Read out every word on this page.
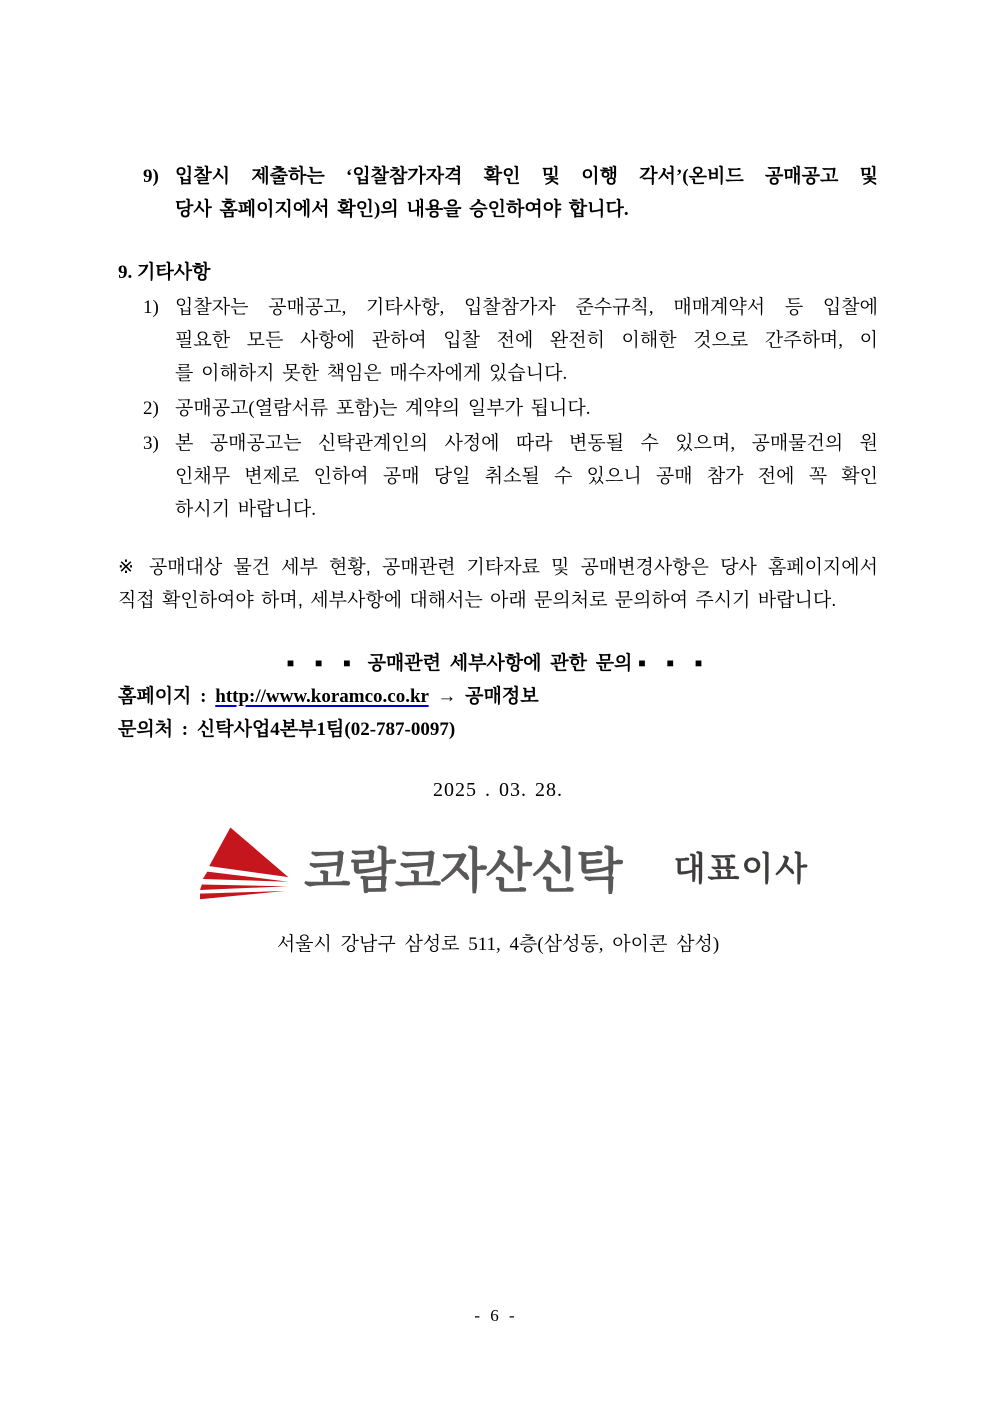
9) 입찰시 제출하는 ‘입찰참가자격 확인 및 이행 각서’(온비드 공매공고 및
당사 홈페이지에서 확인)의 내용을 승인하여야 합니다.
9. 기타사항
1) 입찰자는 공매공고, 기타사항, 입찰참가자 준수규칙, 매매계약서 등 입찰에
필요한 모든 사항에 관하여 입찰 전에 완전히 이해한 것으로 간주하며, 이
를 이해하지 못한 책임은 매수자에게 있습니다.
2) 공매공고(열람서류 포함)는 계약의 일부가 됩니다.
3) 본 공매공고는 신탁관계인의 사정에 따라 변동될 수 있으며, 공매물건의 원
인채무 변제로 인하여 공매 당일 취소될 수 있으니 공매 참가 전에 꼭 확인
하시기 바랍니다.
※ 공매대상 물건 세부 현황, 공매관련 기타자료 및 공매변경사항은 당사 홈페이지에서
직접 확인하여야 하며, 세부사항에 대해서는 아래 문의처로 문의하여 주시기 바랍니다.
■ ■ ■ 공매관련 세부사항에 관한 문의 ■ ■ ■
홈페이지 : http://www.koramco.co.kr → 공매정보
문의처 : 신탁사업4본부1팀(02-787-0097)
2025 . 03. 28.
코람코자산신탁 대표이사
서울시 강남구 삼성로 511, 4층(삼성동, 아이콘 삼성)
- 6 -
